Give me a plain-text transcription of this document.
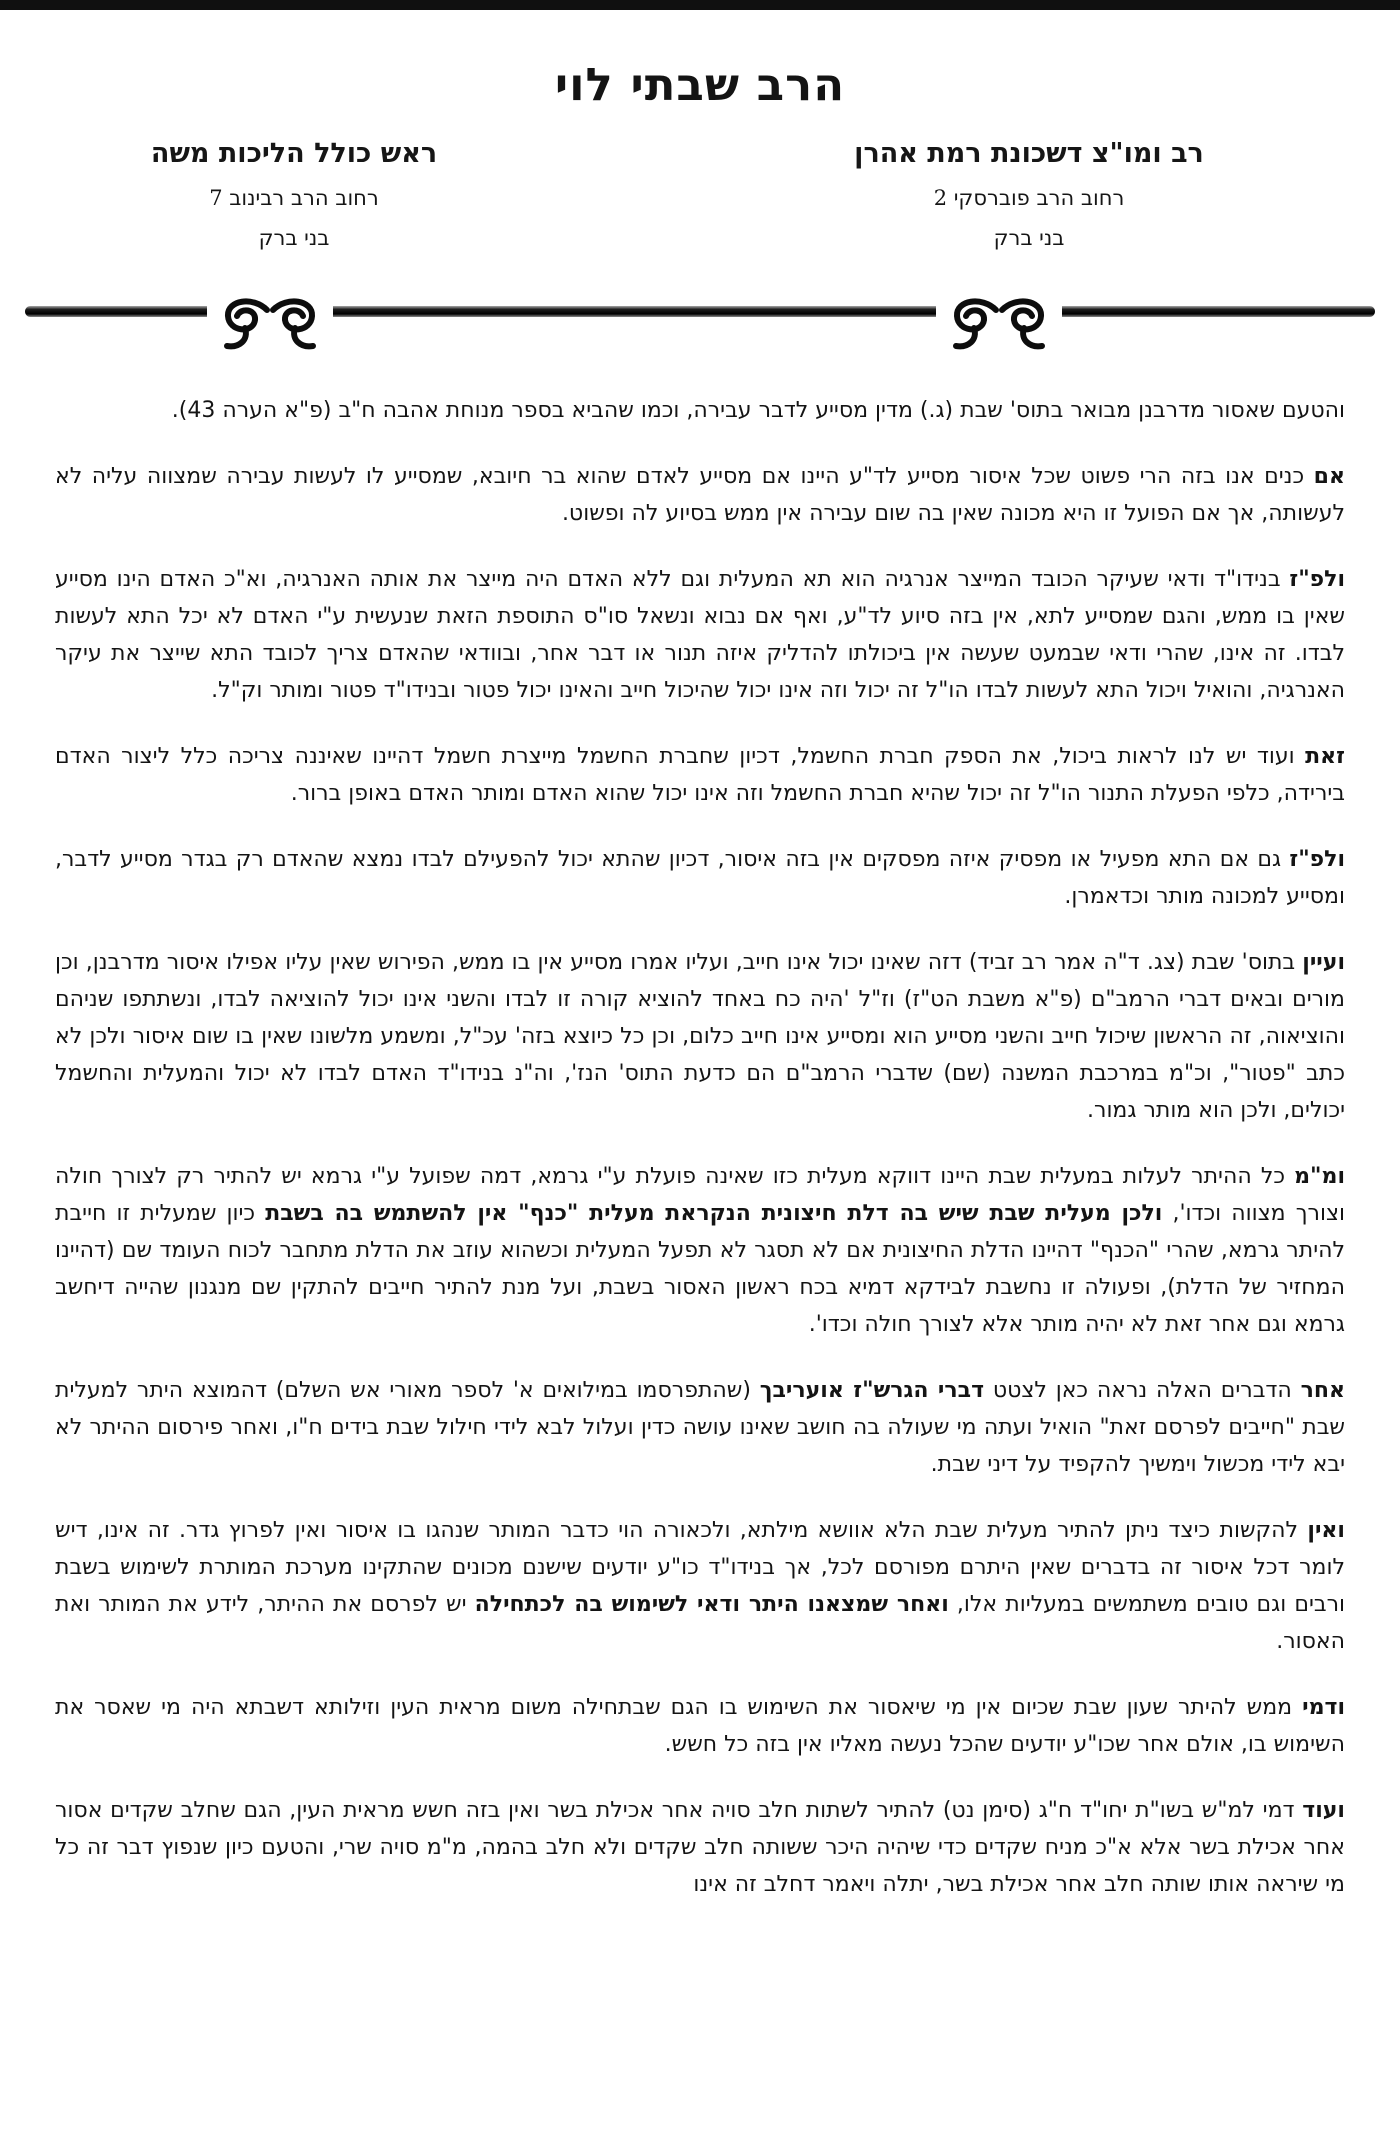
הרב שבתי לוי
רב ומו"צ דשכונת רמת אהרן
רחוב הרב פוברסקי 2
בני ברק
ראש כולל הליכות משה
רחוב הרב רבינוב 7
בני ברק

והטעם שאסור מדרבנן מבואר בתוס' שבת (ג.) מדין מסייע לדבר עבירה, וכמו שהביא בספר מנוחת אהבה ח"ב (פ"א הערה 43).

אם כנים אנו בזה הרי פשוט שכל איסור מסייע לד"ע היינו אם מסייע לאדם שהוא בר חיובא, שמסייע לו לעשות עבירה שמצווה עליה לא לעשותה, אך אם הפועל זו היא מכונה שאין בה שום עבירה אין ממש בסיוע לה ופשוט.

ולפ"ז בנידו"ד ודאי שעיקר הכובד המייצר אנרגיה הוא תא המעלית וגם ללא האדם היה מייצר את אותה האנרגיה, וא"כ האדם הינו מסייע שאין בו ממש, והגם שמסייע לתא, אין בזה סיוע לד"ע, ואף אם נבוא ונשאל סו"ס התוספת הזאת שנעשית ע"י האדם לא יכל התא לעשות לבדו. זה אינו, שהרי ודאי שבמעט שעשה אין ביכולתו להדליק איזה תנור או דבר אחר, ובוודאי שהאדם צריך לכובד התא שייצר את עיקר האנרגיה, והואיל ויכול התא לעשות לבדו הו"ל זה יכול וזה אינו יכול שהיכול חייב והאינו יכול פטור ובנידו"ד פטור ומותר וק"ל.

זאת ועוד יש לנו לראות ביכול, את הספק חברת החשמל, דכיון שחברת החשמל מייצרת חשמל דהיינו שאיננה צריכה כלל ליצור האדם בירידה, כלפי הפעלת התנור הו"ל זה יכול שהיא חברת החשמל וזה אינו יכול שהוא האדם ומותר האדם באופן ברור.

ולפ"ז גם אם התא מפעיל או מפסיק איזה מפסקים אין בזה איסור, דכיון שהתא יכול להפעילם לבדו נמצא שהאדם רק בגדר מסייע לדבר, ומסייע למכונה מותר וכדאמרן.

ועיין בתוס' שבת (צג. ד"ה אמר רב זביד) דזה שאינו יכול אינו חייב, ועליו אמרו מסייע אין בו ממש, הפירוש שאין עליו אפילו איסור מדרבנן, וכן מורים ובאים דברי הרמב"ם (פ"א משבת הט"ז) וז"ל 'היה כח באחד להוציא קורה זו לבדו והשני אינו יכול להוציאה לבדו, ונשתתפו שניהם והוציאוה, זה הראשון שיכול חייב והשני מסייע הוא ומסייע אינו חייב כלום, וכן כל כיוצא בזה' עכ"ל, ומשמע מלשונו שאין בו שום איסור ולכן לא כתב "פטור", וכ"מ במרכבת המשנה (שם) שדברי הרמב"ם הם כדעת התוס' הנז', וה"נ בנידו"ד האדם לבדו לא יכול והמעלית והחשמל יכולים, ולכן הוא מותר גמור.

ומ"מ כל ההיתר לעלות במעלית שבת היינו דווקא מעלית כזו שאינה פועלת ע"י גרמא, דמה שפועל ע"י גרמא יש להתיר רק לצורך חולה וצורך מצווה וכדו', ולכן מעלית שבת שיש בה דלת חיצונית הנקראת מעלית "כנף" אין להשתמש בה בשבת כיון שמעלית זו חייבת להיתר גרמא, שהרי "הכנף" דהיינו הדלת החיצונית אם לא תסגר לא תפעל המעלית וכשהוא עוזב את הדלת מתחבר לכוח העומד שם (דהיינו המחזיר של הדלת), ופעולה זו נחשבת לבידקא דמיא בכח ראשון האסור בשבת, ועל מנת להתיר חייבים להתקין שם מנגנון שהייה דיחשב גרמא וגם אחר זאת לא יהיה מותר אלא לצורך חולה וכדו'.

אחר הדברים האלה נראה כאן לצטט דברי הגרש"ז אועריבך (שהתפרסמו במילואים א' לספר מאורי אש השלם) דהמוצא היתר למעלית שבת "חייבים לפרסם זאת" הואיל ועתה מי שעולה בה חושב שאינו עושה כדין ועלול לבא לידי חילול שבת בידים ח"ו, ואחר פירסום ההיתר לא יבא לידי מכשול וימשיך להקפיד על דיני שבת.

ואין להקשות כיצד ניתן להתיר מעלית שבת הלא אוושא מילתא, ולכאורה הוי כדבר המותר שנהגו בו איסור ואין לפרוץ גדר. זה אינו, דיש לומר דכל איסור זה בדברים שאין היתרם מפורסם לכל, אך בנידו"ד כו"ע יודעים שישנם מכונים שהתקינו מערכת המותרת לשימוש בשבת ורבים וגם טובים משתמשים במעליות אלו, ואחר שמצאנו היתר ודאי לשימוש בה לכתחילה יש לפרסם את ההיתר, לידע את המותר ואת האסור.

ודמי ממש להיתר שעון שבת שכיום אין מי שיאסור את השימוש בו הגם שבתחילה משום מראית העין וזילותא דשבתא היה מי שאסר את השימוש בו, אולם אחר שכו"ע יודעים שהכל נעשה מאליו אין בזה כל חשש.

ועוד דמי למ"ש בשו"ת יחו"ד ח"ג (סימן נט) להתיר לשתות חלב סויה אחר אכילת בשר ואין בזה חשש מראית העין, הגם שחלב שקדים אסור אחר אכילת בשר אלא א"כ מניח שקדים כדי שיהיה היכר ששותה חלב שקדים ולא חלב בהמה, מ"מ סויה שרי, והטעם כיון שנפוץ דבר זה כל מי שיראה אותו שותה חלב אחר אכילת בשר, יתלה ויאמר דחלב זה אינו
